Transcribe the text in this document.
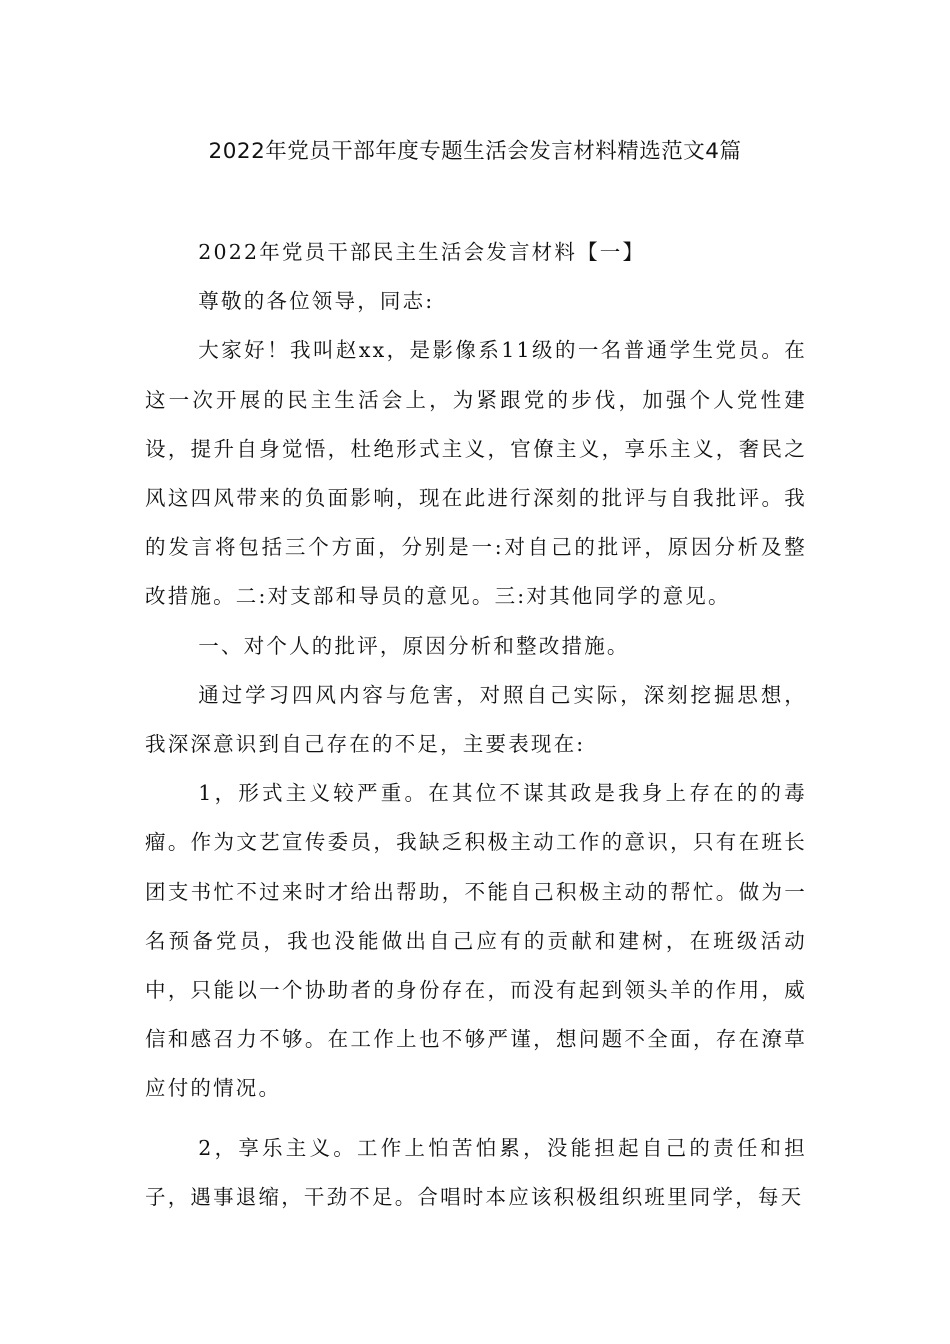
2022年党员干部年度专题生活会发言材料精选范文4篇

2022年党员干部民主生活会发言材料【一】

尊敬的各位领导，同志:

大家好！我叫赵xx，是影像系11级的一名普通学生党员。在这一次开展的民主生活会上，为紧跟党的步伐，加强个人党性建设，提升自身觉悟，杜绝形式主义，官僚主义，享乐主义，奢民之风这四风带来的负面影响，现在此进行深刻的批评与自我批评。我的发言将包括三个方面，分别是一:对自己的批评，原因分析及整改措施。二:对支部和导员的意见。三:对其他同学的意见。

一、对个人的批评，原因分析和整改措施。

通过学习四风内容与危害，对照自己实际，深刻挖掘思想，我深深意识到自己存在的不足，主要表现在:

1，形式主义较严重。在其位不谋其政是我身上存在的的毒瘤。作为文艺宣传委员，我缺乏积极主动工作的意识，只有在班长团支书忙不过来时才给出帮助，不能自己积极主动的帮忙。做为一名预备党员，我也没能做出自己应有的贡献和建树，在班级活动中，只能以一个协助者的身份存在，而没有起到领头羊的作用，威信和感召力不够。在工作上也不够严谨，想问题不全面，存在潦草应付的情况。

2，享乐主义。工作上怕苦怕累，没能担起自己的责任和担子，遇事退缩，干劲不足。合唱时本应该积极组织班里同学，每天
